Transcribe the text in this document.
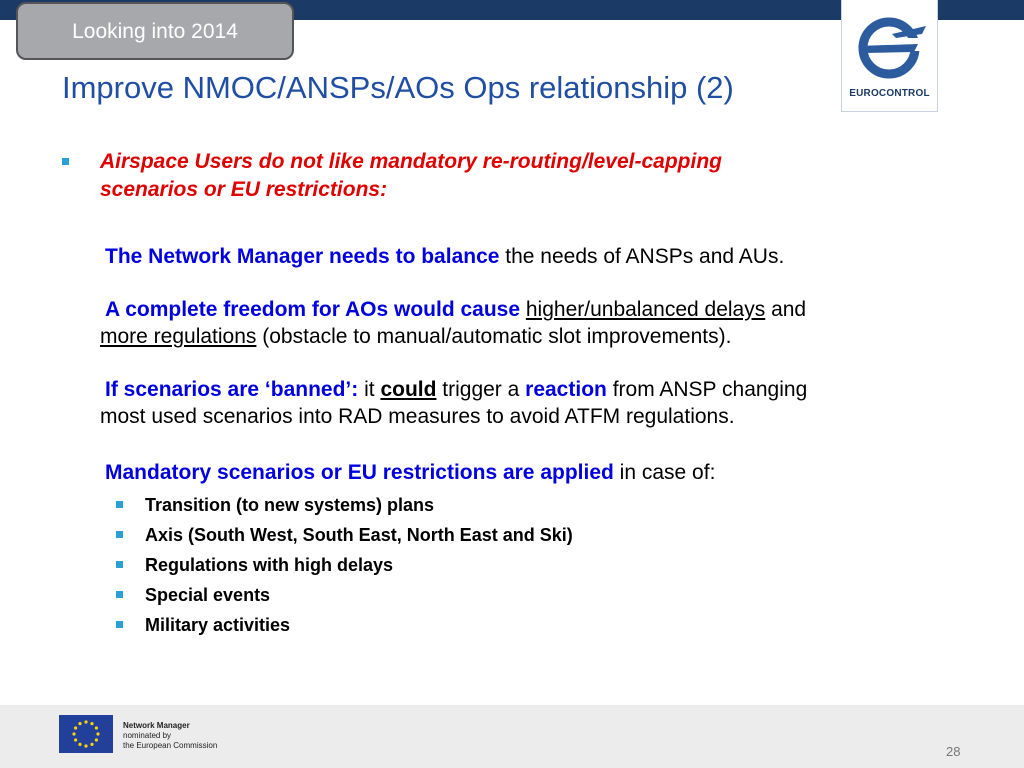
Looking into 2014
EUROCONTROL
Improve NMOC/ANSPs/AOs Ops relationship (2)
Airspace Users do not like mandatory re-routing/level-capping
scenarios or EU restrictions:
The Network Manager needs to balance the needs of ANSPs and AUs.
A complete freedom for AOs would cause higher/unbalanced delays and
more regulations (obstacle to manual/automatic slot improvements).
If scenarios are ‘banned’: it could trigger a reaction from ANSP changing
most used scenarios into RAD measures to avoid ATFM regulations.
Mandatory scenarios or EU restrictions are applied in case of:
Transition (to new systems) plans
Axis (South West, South East, North East and Ski)
Regulations with high delays
Special events
Military activities
Network Manager
nominated by
the European Commission	28
